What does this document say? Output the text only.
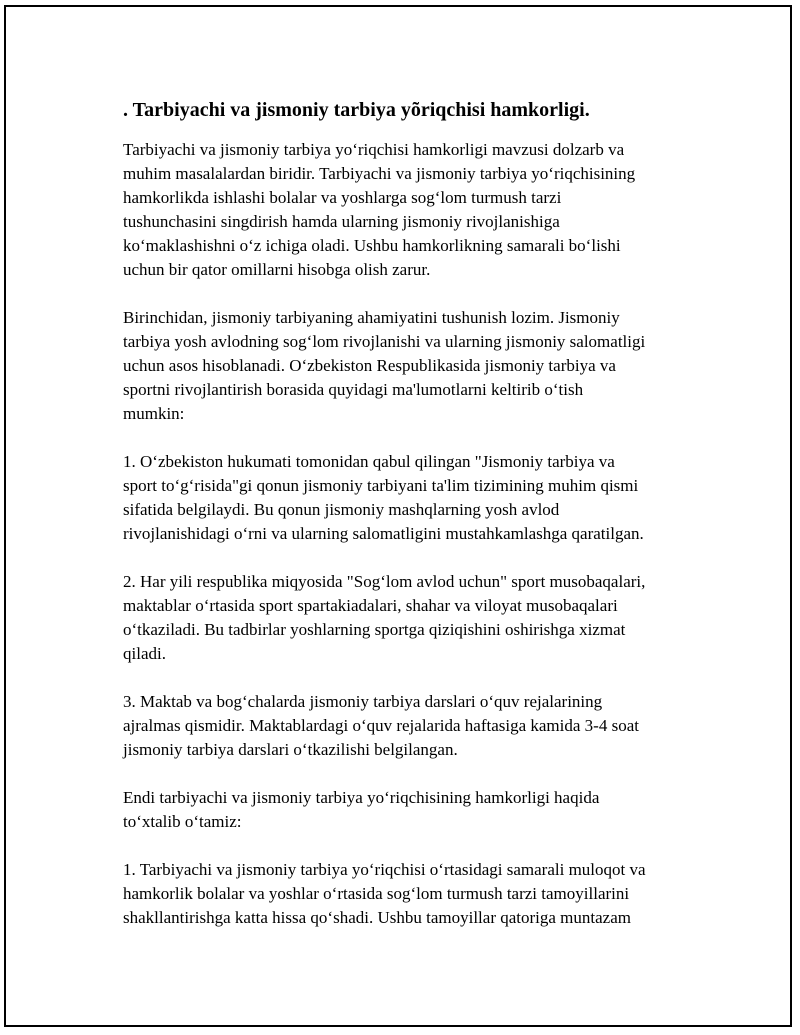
. Tarbiyachi va jismoniy tarbiya yõriqchisi hamkorligi.

Tarbiyachi va jismoniy tarbiya yoʻriqchisi hamkorligi mavzusi dolzarb va
muhim masalalardan biridir. Tarbiyachi va jismoniy tarbiya yoʻriqchisining
hamkorlikda ishlashi bolalar va yoshlarga sogʻlom turmush tarzi
tushunchasini singdirish hamda ularning jismoniy rivojlanishiga
koʻmaklashishni oʻz ichiga oladi. Ushbu hamkorlikning samarali boʻlishi
uchun bir qator omillarni hisobga olish zarur.

Birinchidan, jismoniy tarbiyaning ahamiyatini tushunish lozim. Jismoniy
tarbiya yosh avlodning sogʻlom rivojlanishi va ularning jismoniy salomatligi
uchun asos hisoblanadi. Oʻzbekiston Respublikasida jismoniy tarbiya va
sportni rivojlantirish borasida quyidagi ma'lumotlarni keltirib oʻtish
mumkin:

1. Oʻzbekiston hukumati tomonidan qabul qilingan "Jismoniy tarbiya va
sport toʻgʻrisida"gi qonun jismoniy tarbiyani ta'lim tizimining muhim qismi
sifatida belgilaydi. Bu qonun jismoniy mashqlarning yosh avlod
rivojlanishidagi oʻrni va ularning salomatligini mustahkamlashga qaratilgan.

2. Har yili respublika miqyosida "Sogʻlom avlod uchun" sport musobaqalari,
maktablar oʻrtasida sport spartakiadalari, shahar va viloyat musobaqalari
oʻtkaziladi. Bu tadbirlar yoshlarning sportga qiziqishini oshirishga xizmat
qiladi.

3. Maktab va bogʻchalarda jismoniy tarbiya darslari oʻquv rejalarining
ajralmas qismidir. Maktablardagi oʻquv rejalarida haftasiga kamida 3-4 soat
jismoniy tarbiya darslari oʻtkazilishi belgilangan.

Endi tarbiyachi va jismoniy tarbiya yoʻriqchisining hamkorligi haqida
toʻxtalib oʻtamiz:

1. Tarbiyachi va jismoniy tarbiya yoʻriqchisi oʻrtasidagi samarali muloqot va
hamkorlik bolalar va yoshlar oʻrtasida sogʻlom turmush tarzi tamoyillarini
shakllantirishga katta hissa qoʻshadi. Ushbu tamoyillar qatoriga muntazam
